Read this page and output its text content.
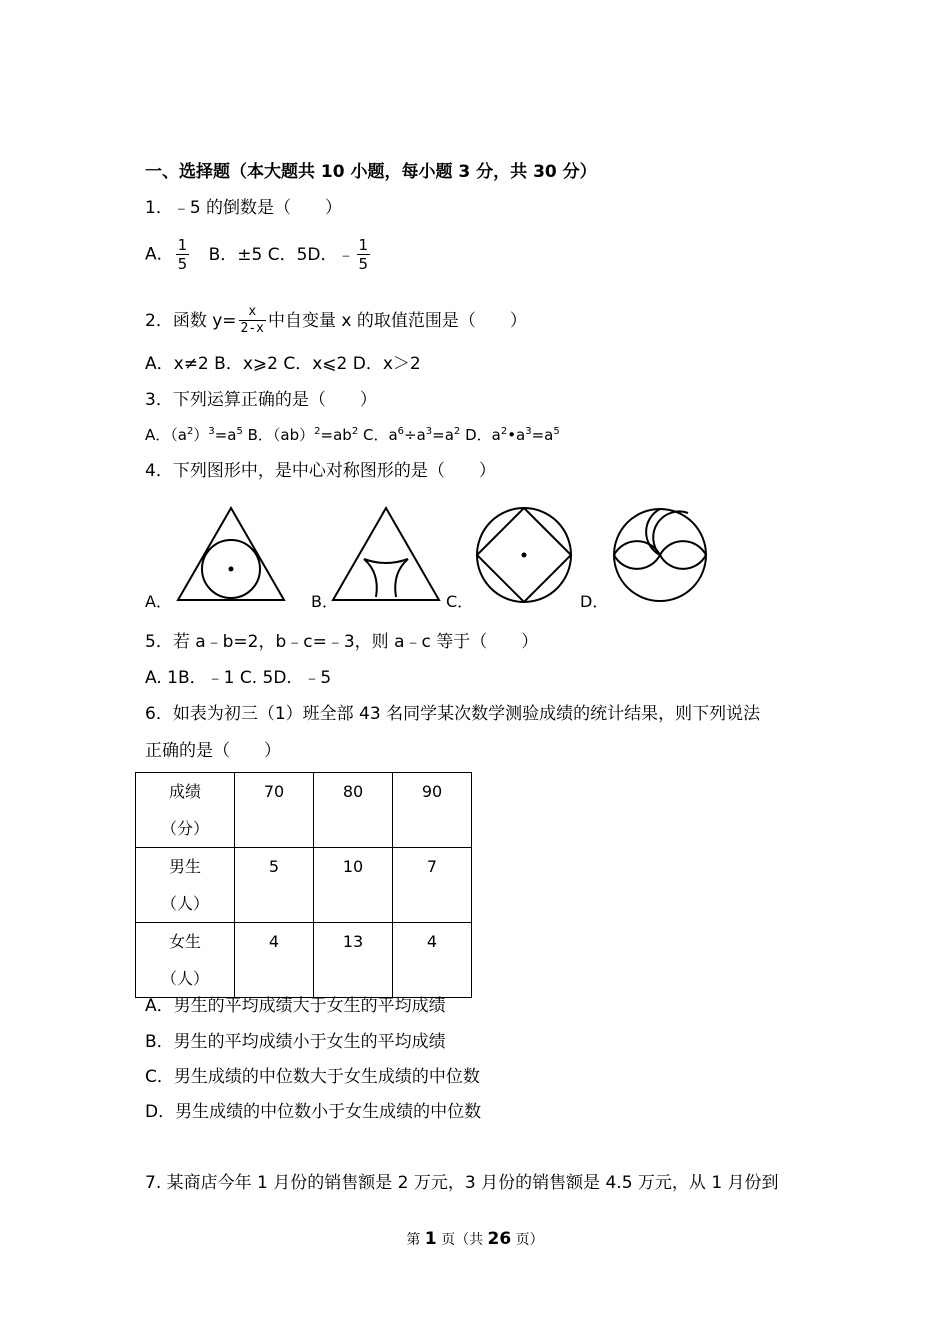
一、选择题（本大题共 10 小题，每小题 3 分，共 30 分）
1．﹣5 的倒数是（　　）
A． $\frac{1}{5}$ B．±5 C．5D．﹣ $\frac{1}{5}$
2．函数 $y= \frac{x}{2-x}$ 中自变量 x 的取值范围是（　　）
A．x≠2 B．x⩾2 C．x⩽2 D．x＞2
3．下列运算正确的是（　　）
A．$(a^2)^3=a^5$ B．$(ab)^2=ab^2$ C．$a^6\div a^3=a^2$ D．$a^2•a^3=a^5$
4．下列图形中，是中心对称图形的是（　　）
A．	B．	C．	D．
5．若 a﹣b=2，b﹣c=﹣3，则 a﹣c 等于（　　）
A. 1B．﹣1 C. 5D．﹣5
6．如表为初三（1）班全部 43 名同学某次数学测验成绩的统计结果，则下列说法
正确的是（　　）
成绩
（分）	70	80	90
男生
（人）	5	10	7
女生
（人）	4	13	4
A．男生的平均成绩大于女生的平均成绩
B．男生的平均成绩小于女生的平均成绩
C．男生成绩的中位数大于女生成绩的中位数
D．男生成绩的中位数小于女生成绩的中位数
7. 某商店今年 1 月份的销售额是 2 万元，3 月份的销售额是 4.5 万元，从 1 月份到
第 1 页（共 26 页）
